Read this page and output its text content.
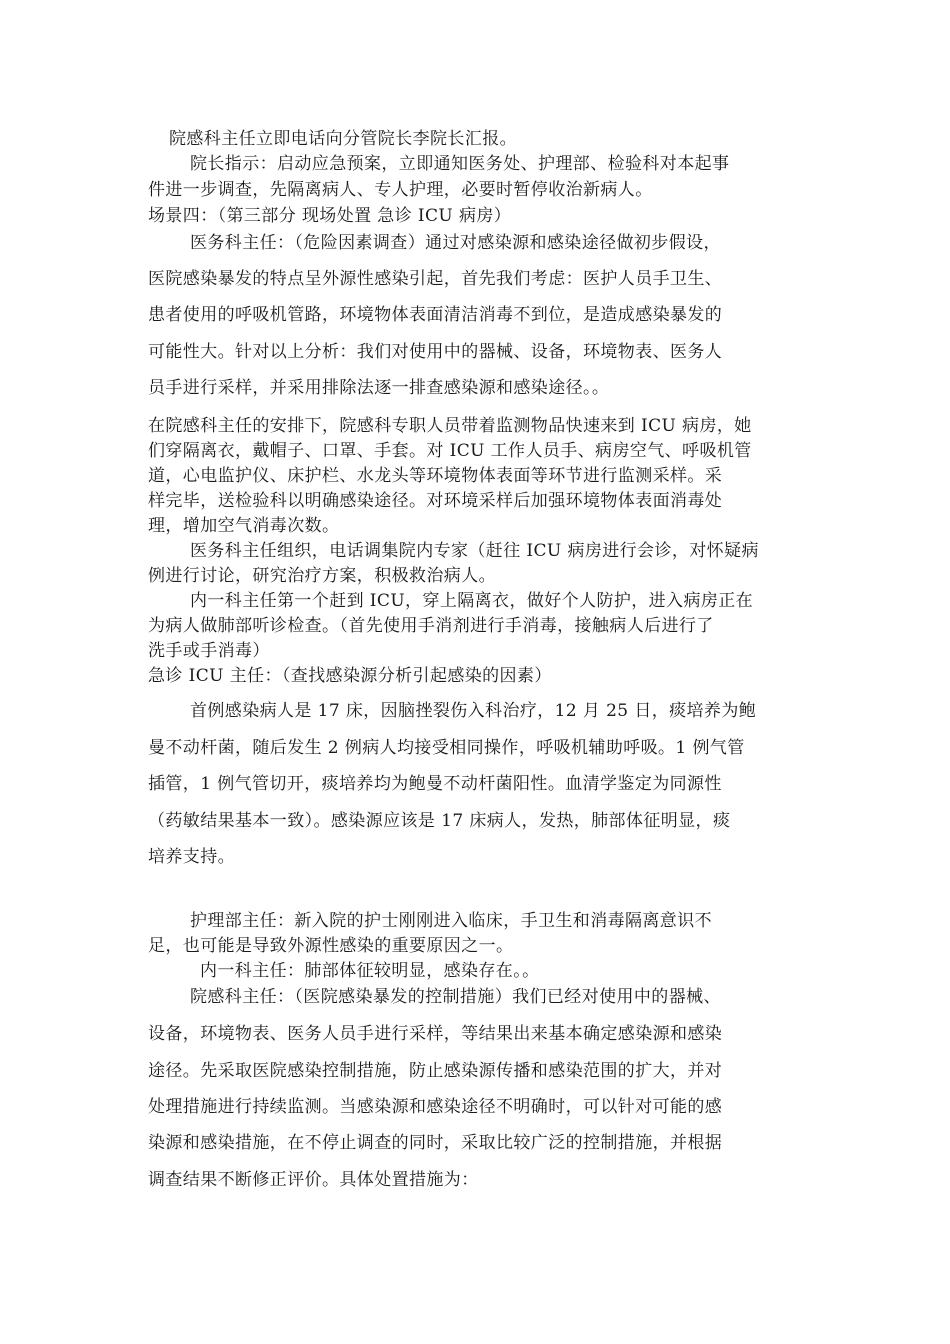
院感科主任立即电话向分管院长李院长汇报。
院长指示：启动应急预案，立即通知医务处、护理部、检验科对本起事
件进一步调查，先隔离病人、专人护理，必要时暂停收治新病人。
场景四：（第三部分 现场处置 急诊 ICU 病房）
医务科主任：（危险因素调查）通过对感染源和感染途径做初步假设，
医院感染暴发的特点呈外源性感染引起，首先我们考虑：医护人员手卫生、
患者使用的呼吸机管路，环境物体表面清洁消毒不到位，是造成感染暴发的
可能性大。针对以上分析：我们对使用中的器械、设备，环境物表、医务人
员手进行采样，并采用排除法逐一排查感染源和感染途径。。
在院感科主任的安排下，院感科专职人员带着监测物品快速来到 ICU 病房，她
们穿隔离衣，戴帽子、口罩、手套。对 ICU 工作人员手、病房空气、呼吸机管
道，心电监护仪、床护栏、水龙头等环境物体表面等环节进行监测采样。采
样完毕，送检验科以明确感染途径。对环境采样后加强环境物体表面消毒处
理，增加空气消毒次数。
医务科主任组织，电话调集院内专家（赶往 ICU 病房进行会诊，对怀疑病
例进行讨论，研究治疗方案，积极救治病人。
内一科主任第一个赶到 ICU，穿上隔离衣，做好个人防护，进入病房正在
为病人做肺部听诊检查。（首先使用手消剂进行手消毒，接触病人后进行了
洗手或手消毒）
急诊 ICU 主任：（查找感染源分析引起感染的因素）
首例感染病人是 17 床，因脑挫裂伤入科治疗，12 月 25 日，痰培养为鲍
曼不动杆菌，随后发生 2 例病人均接受相同操作，呼吸机辅助呼吸。1 例气管
插管，1 例气管切开，痰培养均为鲍曼不动杆菌阳性。血清学鉴定为同源性
（药敏结果基本一致）。感染源应该是 17 床病人，发热，肺部体征明显，痰
培养支持。
护理部主任：新入院的护士刚刚进入临床，手卫生和消毒隔离意识不
足，也可能是导致外源性感染的重要原因之一。
内一科主任：肺部体征较明显，感染存在。。
院感科主任：（医院感染暴发的控制措施）我们已经对使用中的器械、
设备，环境物表、医务人员手进行采样，等结果出来基本确定感染源和感染
途径。先采取医院感染控制措施，防止感染源传播和感染范围的扩大，并对
处理措施进行持续监测。当感染源和感染途径不明确时，可以针对可能的感
染源和感染措施，在不停止调查的同时，采取比较广泛的控制措施，并根据
调查结果不断修正评价。具体处置措施为：
